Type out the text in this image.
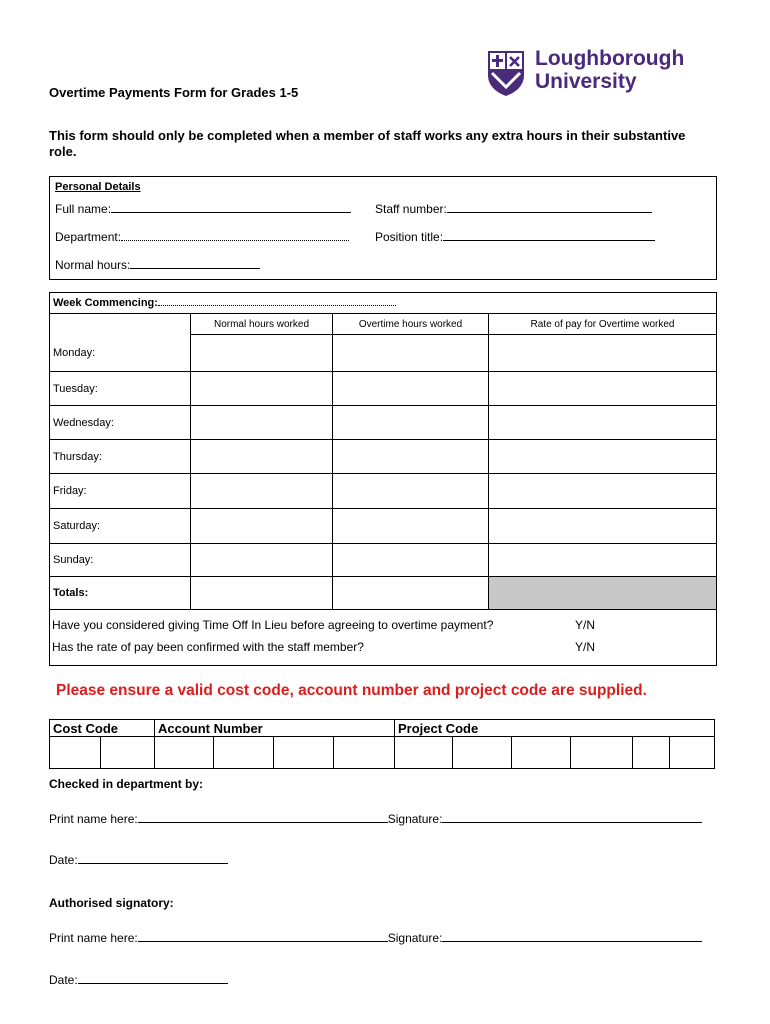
Loughborough
University
Overtime Payments Form for Grades 1-5
This form should only be completed when a member of staff works any extra hours in their substantive role.
Personal Details
Full name:	Staff number:
Department:	Position title:
Normal hours:
Week Commencing:			
	Normal hours worked	Overtime hours worked	Rate of pay for Overtime worked
Monday:			
Tuesday:			
Wednesday:			
Thursday:			
Friday:			
Saturday:			
Sunday:			
Totals:			

Have you considered giving Time Off In Lieu before agreeing to overtime payment? Y/N
Has the rate of pay been confirmed with the staff member? Y/N			
Please ensure a valid cost code, account number and project code are supplied.
Cost Code		Account Number				Project Code					

Checked in department by:
Print name here:	Signature:
Date:
Authorised signatory:
Print name here:	Signature:
Date:
